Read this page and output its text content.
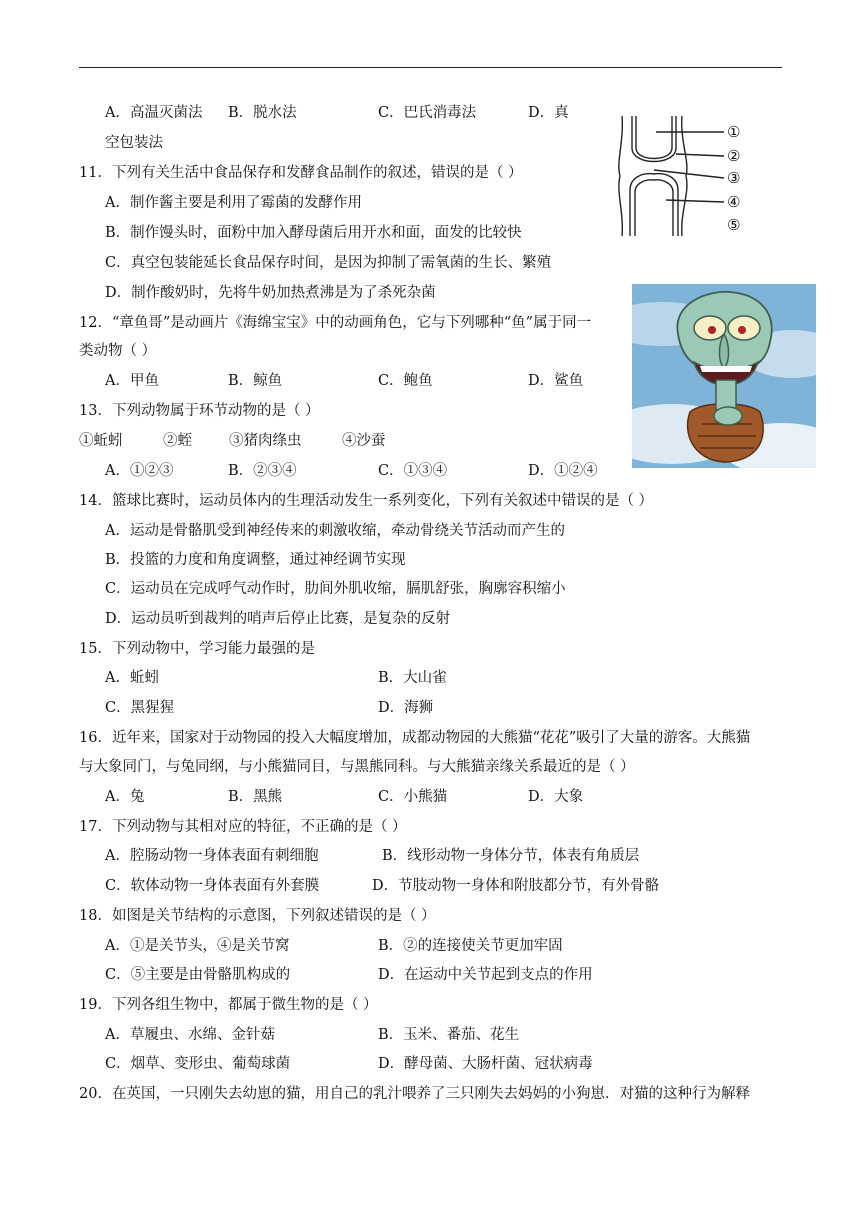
A．高温灭菌法 B．脱水法	C．巴氏消毒法	D．真
空包装法
11．下列有关生活中食品保存和发酵食品制作的叙述，错误的是（ ）
A．制作酱主要是利用了霉菌的发酵作用
B．制作馒头时，面粉中加入酵母菌后用开水和面，面发的比较快
C．真空包装能延长食品保存时间，是因为抑制了需氧菌的生长、繁殖
D．制作酸奶时，先将牛奶加热煮沸是为了杀死杂菌
12．“章鱼哥”是动画片《海绵宝宝》中的动画角色，它与下列哪种“鱼”属于同一
类动物（ ）
A．甲鱼	B．鲸鱼	C．鲍鱼	D．鲨鱼
13．下列动物属于环节动物的是（ ）
①蚯蚓	②蛭	③猪肉绦虫	④沙蚕
A．①②③	B．②③④	C．①③④	D．①②④
14．篮球比赛时，运动员体内的生理活动发生一系列变化，下列有关叙述中错误的是（ ）
A．运动是骨骼肌受到神经传来的刺激收缩，牵动骨绕关节活动而产生的
B．投篮的力度和角度调整，通过神经调节实现
C．运动员在完成呼气动作时，肋间外肌收缩，膈肌舒张，胸廓容积缩小
D．运动员听到裁判的哨声后停止比赛，是复杂的反射
15．下列动物中，学习能力最强的是
A．蚯蚓	B．大山雀
C．黑猩猩	D．海狮
16．近年来，国家对于动物园的投入大幅度增加，成都动物园的大熊猫“花花”吸引了大量的游客。大熊猫
与大象同门，与兔同纲，与小熊猫同目，与黑熊同科。与大熊猫亲缘关系最近的是（ ）
A．兔	B．黑熊	C．小熊猫	D．大象
17．下列动物与其相对应的特征，不正确的是（ ）
A．腔肠动物一身体表面有刺细胞	B．线形动物一身体分节，体表有角质层
C．软体动物一身体表面有外套膜	D．节肢动物一身体和附肢都分节，有外骨骼
18．如图是关节结构的示意图，下列叙述错误的是（ ）
A．①是关节头，④是关节窝	B．②的连接使关节更加牢固
C．⑤主要是由骨骼肌构成的	D．在运动中关节起到支点的作用
19．下列各组生物中，都属于微生物的是（ ）
A．草履虫、水绵、金针菇	B．玉米、番茄、花生
C．烟草、变形虫、葡萄球菌	D．酵母菌、大肠杆菌、冠状病毒
20．在英国，一只刚失去幼崽的猫，用自己的乳汁喂养了三只刚失去妈妈的小狗崽．对猫的这种行为解释
①
②
③
④
⑤
